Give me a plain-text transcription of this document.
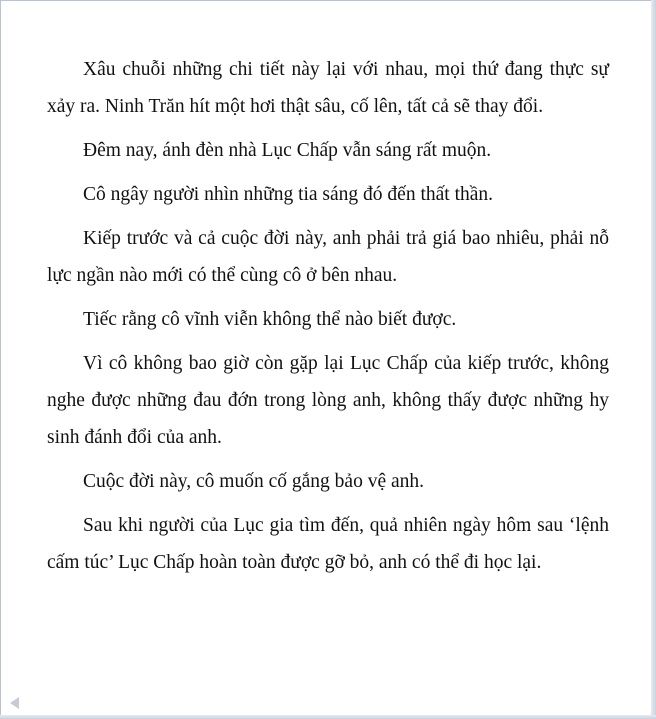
Xâu chuỗi những chi tiết này lại với nhau, mọi thứ đang thực sự xảy ra. Ninh Trăn hít một hơi thật sâu, cố lên, tất cả sẽ thay đổi.

Đêm nay, ánh đèn nhà Lục Chấp vẫn sáng rất muộn.

Cô ngây người nhìn những tia sáng đó đến thất thần.

Kiếp trước và cả cuộc đời này, anh phải trả giá bao nhiêu, phải nỗ lực ngần nào mới có thể cùng cô ở bên nhau.

Tiếc rằng cô vĩnh viễn không thể nào biết được.

Vì cô không bao giờ còn gặp lại Lục Chấp của kiếp trước, không nghe được những đau đớn trong lòng anh, không thấy được những hy sinh đánh đổi của anh.

Cuộc đời này, cô muốn cố gắng bảo vệ anh.

Sau khi người của Lục gia tìm đến, quả nhiên ngày hôm sau ‘lệnh cấm túc’ Lục Chấp hoàn toàn được gỡ bỏ, anh có thể đi học lại.
